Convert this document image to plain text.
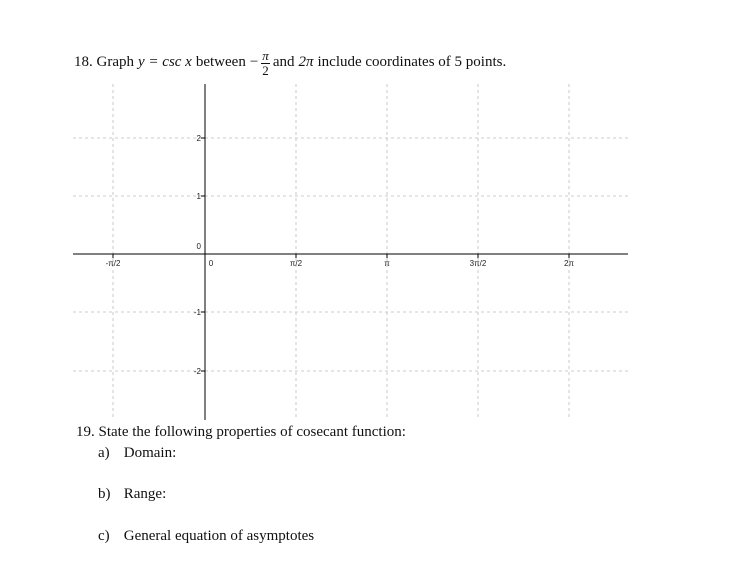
18. Graph y = csc x between − $\frac{\pi}{2}$ and 2π include coordinates of 5 points.
-π/2	0	π/2	π	3π/2	2π
2
1
0
-1
-2
19. State the following properties of cosecant function:
a) Domain:
b) Range:
c) General equation of asymptotes
